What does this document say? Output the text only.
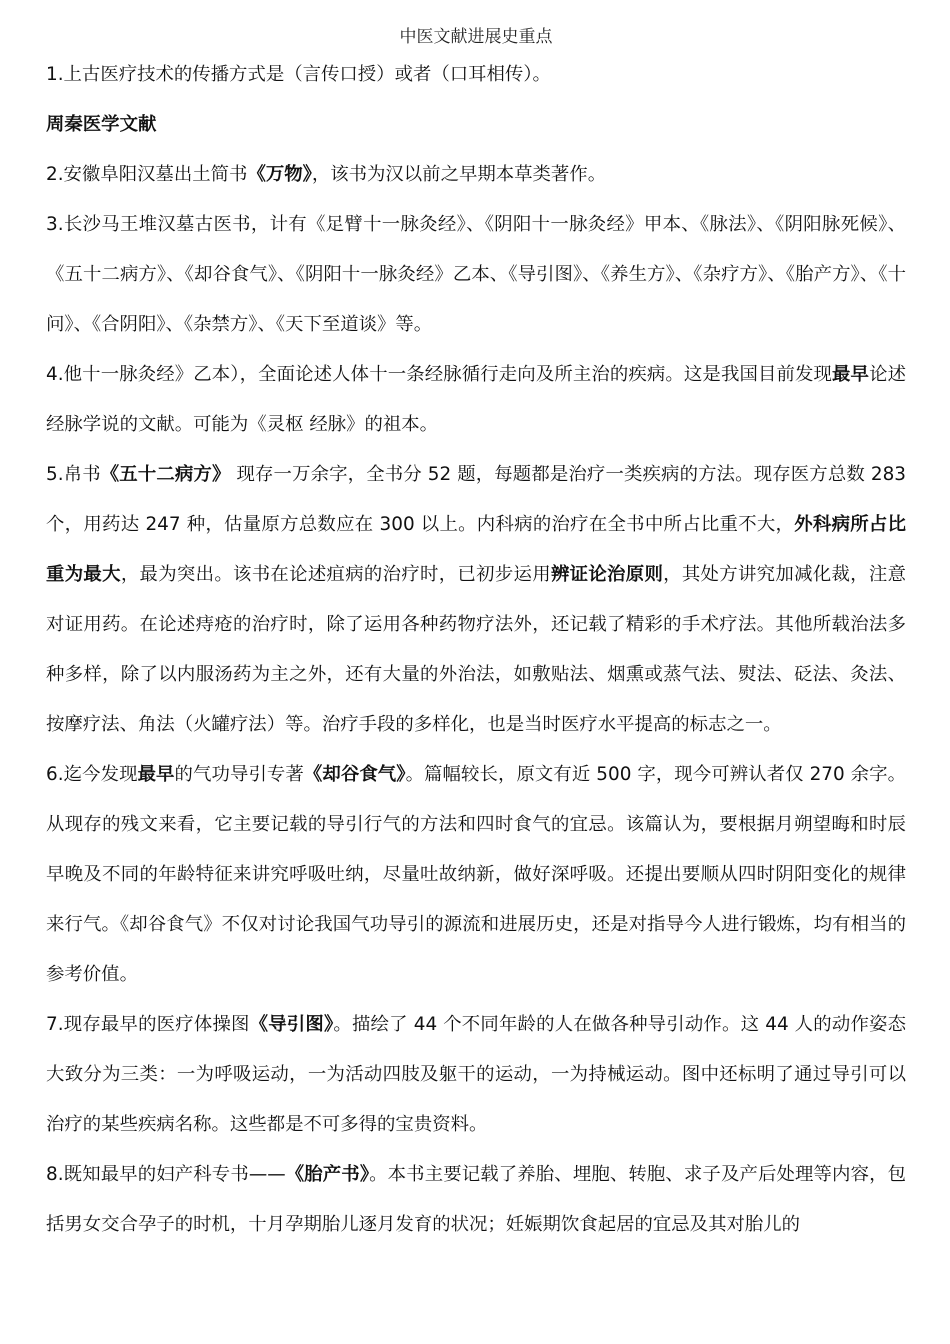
中医文献进展史重点

1.上古医疗技术的传播方式是（言传口授）或者（口耳相传）。

周秦医学文献

2.安徽阜阳汉墓出土简书《万物》，该书为汉以前之早期本草类著作。

3.长沙马王堆汉墓古医书，计有《足臂十一脉灸经》、《阴阳十一脉灸经》甲本、《脉法》、《阴阳脉死候》、《五十二病方》、《却谷食气》、《阴阳十一脉灸经》乙本、《导引图》、《养生方》、《杂疗方》、《胎产方》、《十问》、《合阴阳》、《杂禁方》、《天下至道谈》等。

4.他十一脉灸经》乙本），全面论述人体十一条经脉循行走向及所主治的疾病。这是我国目前发现最早论述经脉学说的文献。可能为《灵枢 经脉》的祖本。

5.帛书《五十二病方》 现存一万余字，全书分 52 题，每题都是治疗一类疾病的方法。现存医方总数 283 个，用药达 247 种，估量原方总数应在 300 以上。内科病的治疗在全书中所占比重不大，外科病所占比重为最大，最为突出。该书在论述疽病的治疗时，已初步运用辨证论治原则，其处方讲究加减化裁，注意对证用药。在论述痔疮的治疗时，除了运用各种药物疗法外，还记载了精彩的手术疗法。其他所载治法多种多样，除了以内服汤药为主之外，还有大量的外治法，如敷贴法、烟熏或蒸气法、熨法、砭法、灸法、按摩疗法、角法（火罐疗法）等。治疗手段的多样化，也是当时医疗水平提高的标志之一。

6.迄今发现最早的气功导引专著《却谷食气》。篇幅较长，原文有近 500 字，现今可辨认者仅 270 余字。从现存的残文来看，它主要记载的导引行气的方法和四时食气的宜忌。该篇认为，要根据月朔望晦和时辰早晚及不同的年龄特征来讲究呼吸吐纳，尽量吐故纳新，做好深呼吸。还提出要顺从四时阴阳变化的规律来行气。《却谷食气》不仅对讨论我国气功导引的源流和进展历史，还是对指导今人进行锻炼，均有相当的参考价值。

7.现存最早的医疗体操图《导引图》。描绘了 44 个不同年龄的人在做各种导引动作。这 44 人的动作姿态大致分为三类：一为呼吸运动，一为活动四肢及躯干的运动，一为持械运动。图中还标明了通过导引可以治疗的某些疾病名称。这些都是不可多得的宝贵资料。

8.既知最早的妇产科专书——《胎产书》。本书主要记载了养胎、埋胞、转胞、求子及产后处理等内容，包括男女交合孕子的时机，十月孕期胎儿逐月发育的状况；妊娠期饮食起居的宜忌及其对胎儿的
